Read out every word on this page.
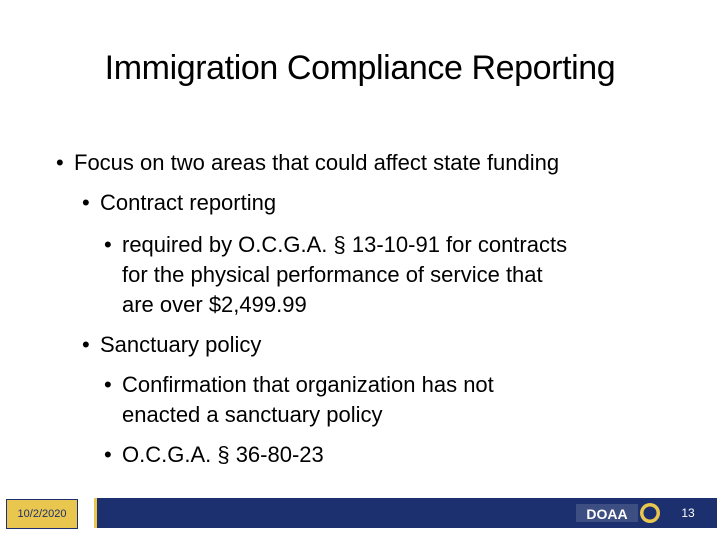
Immigration Compliance Reporting
• Focus on two areas that could affect state funding
• Contract reporting
• required by O.C.G.A. § 13-10-91 for contracts
for the physical performance of service that
are over $2,499.99
• Sanctuary policy
• Confirmation that organization has not
enacted a sanctuary policy
• O.C.G.A. § 36-80-23
10/2/2020	DOAA	13
